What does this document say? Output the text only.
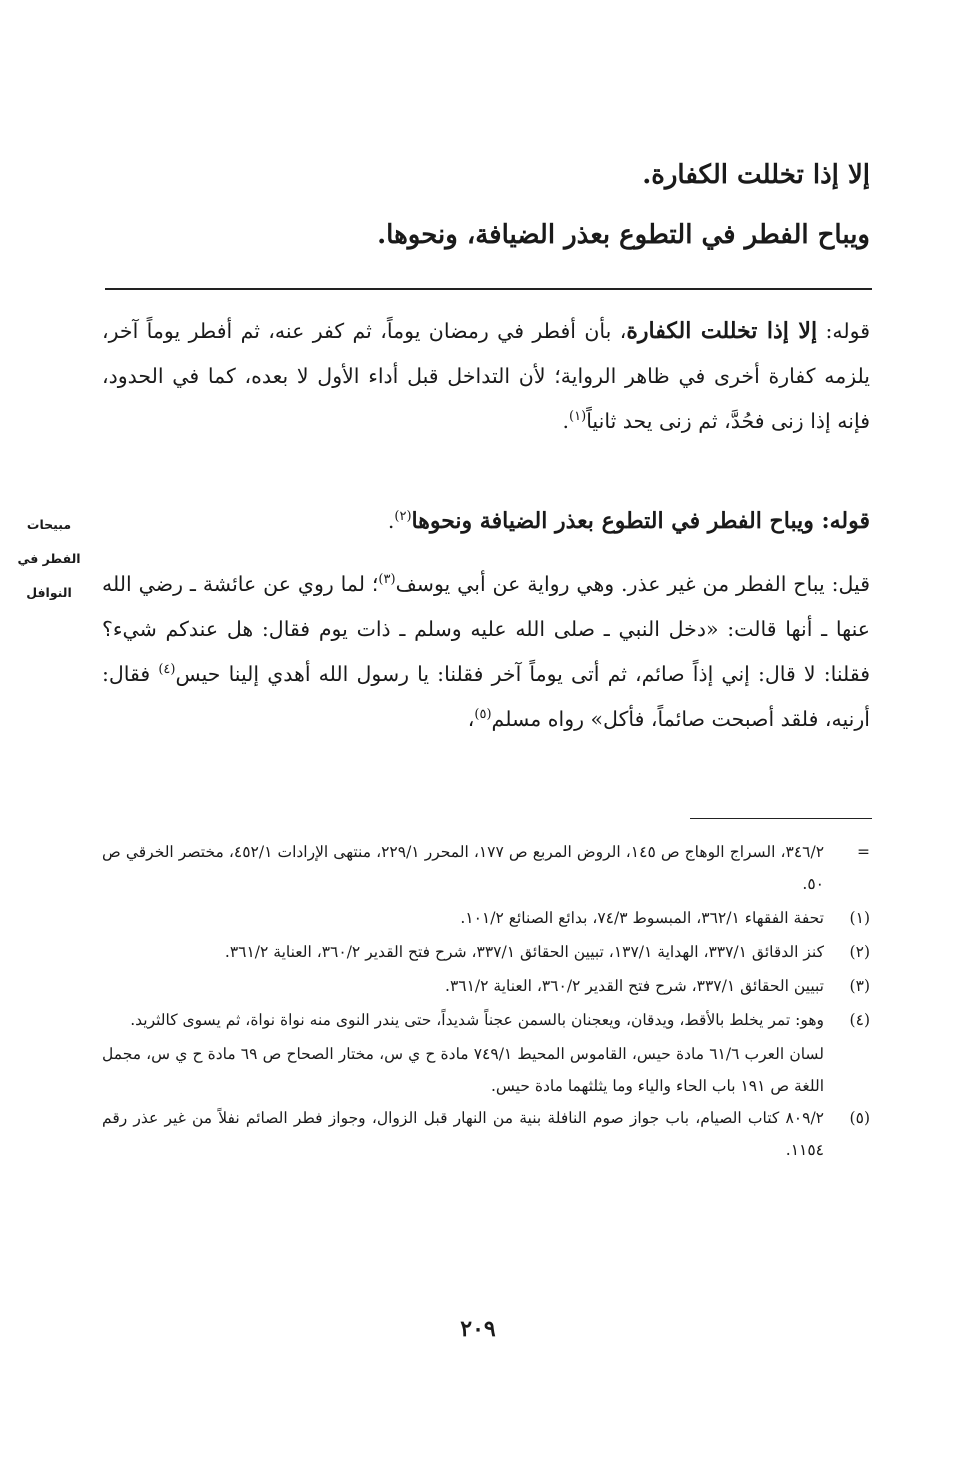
إلا إذا تخللت الكفارة.
ويباح الفطر في التطوع بعذر الضيافة، ونحوها.
قوله: إلا إذا تخللت الكفارة، بأن أفطر في رمضان يوماً، ثم كفر عنه، ثم أفطر يوماً آخر، يلزمه كفارة أخرى في ظاهر الرواية؛ لأن التداخل قبل أداء الأول لا بعده، كما في الحدود، فإنه إذا زنى فحُدَّ، ثم زنى يحد ثانياً$^{(١)}$.
قوله: ويباح الفطر في التطوع بعذر الضيافة ونحوها$^{(٢)}$.
قيل: يباح الفطر من غير عذر. وهي رواية عن أبي يوسف$^{(٣)}$؛ لما روي عن عائشة ـ رضي الله عنها ـ أنها قالت: «دخل النبي ـ صلى الله عليه وسلم ـ ذات يوم فقال: هل عندكم شيء؟ فقلنا: لا قال: إني إذاً صائم، ثم أتى يوماً آخر فقلنا: يا رسول الله أهدي إلينا حيس$^{(٤)}$ فقال: أرنيه، فلقد أصبحت صائماً، فأكل» رواه مسلم$^{(٥)}$،
مبيحات
الفطر في
النوافل
=
٣٤٦/٢، السراج الوهاج ص ١٤٥، الروض المربع ص ١٧٧، المحرر ٢٢٩/١، منتهى الإرادات ٤٥٢/١، مختصر الخرقي ص ٥٠.
(١)
تحفة الفقهاء ٣٦٢/١، المبسوط ٧٤/٣، بدائع الصنائع ١٠١/٢.
(٢)
كنز الدقائق ٣٣٧/١، الهداية ١٣٧/١، تبيين الحقائق ٣٣٧/١، شرح فتح القدير ٣٦٠/٢، العناية ٣٦١/٢.
(٣)
تبيين الحقائق ٣٣٧/١، شرح فتح القدير ٣٦٠/٢، العناية ٣٦١/٢.
(٤)
وهو: تمر يخلط بالأقط، ويدقان، ويعجنان بالسمن عجناً شديداً، حتى يندر النوى منه نواة نواة، ثم يسوى كالثريد.
لسان العرب ٦١/٦ مادة حيس، القاموس المحيط ٧٤٩/١ مادة ح ي س، مختار الصحاح ص ٦٩ مادة ح ي س، مجمل اللغة ص ١٩١ باب الحاء والياء وما يثلثهما مادة حيس.
(٥)
٨٠٩/٢ كتاب الصيام، باب جواز صوم النافلة بنية من النهار قبل الزوال، وجواز فطر الصائم نفلاً من غير عذر رقم ١١٥٤.
٢٠٩
